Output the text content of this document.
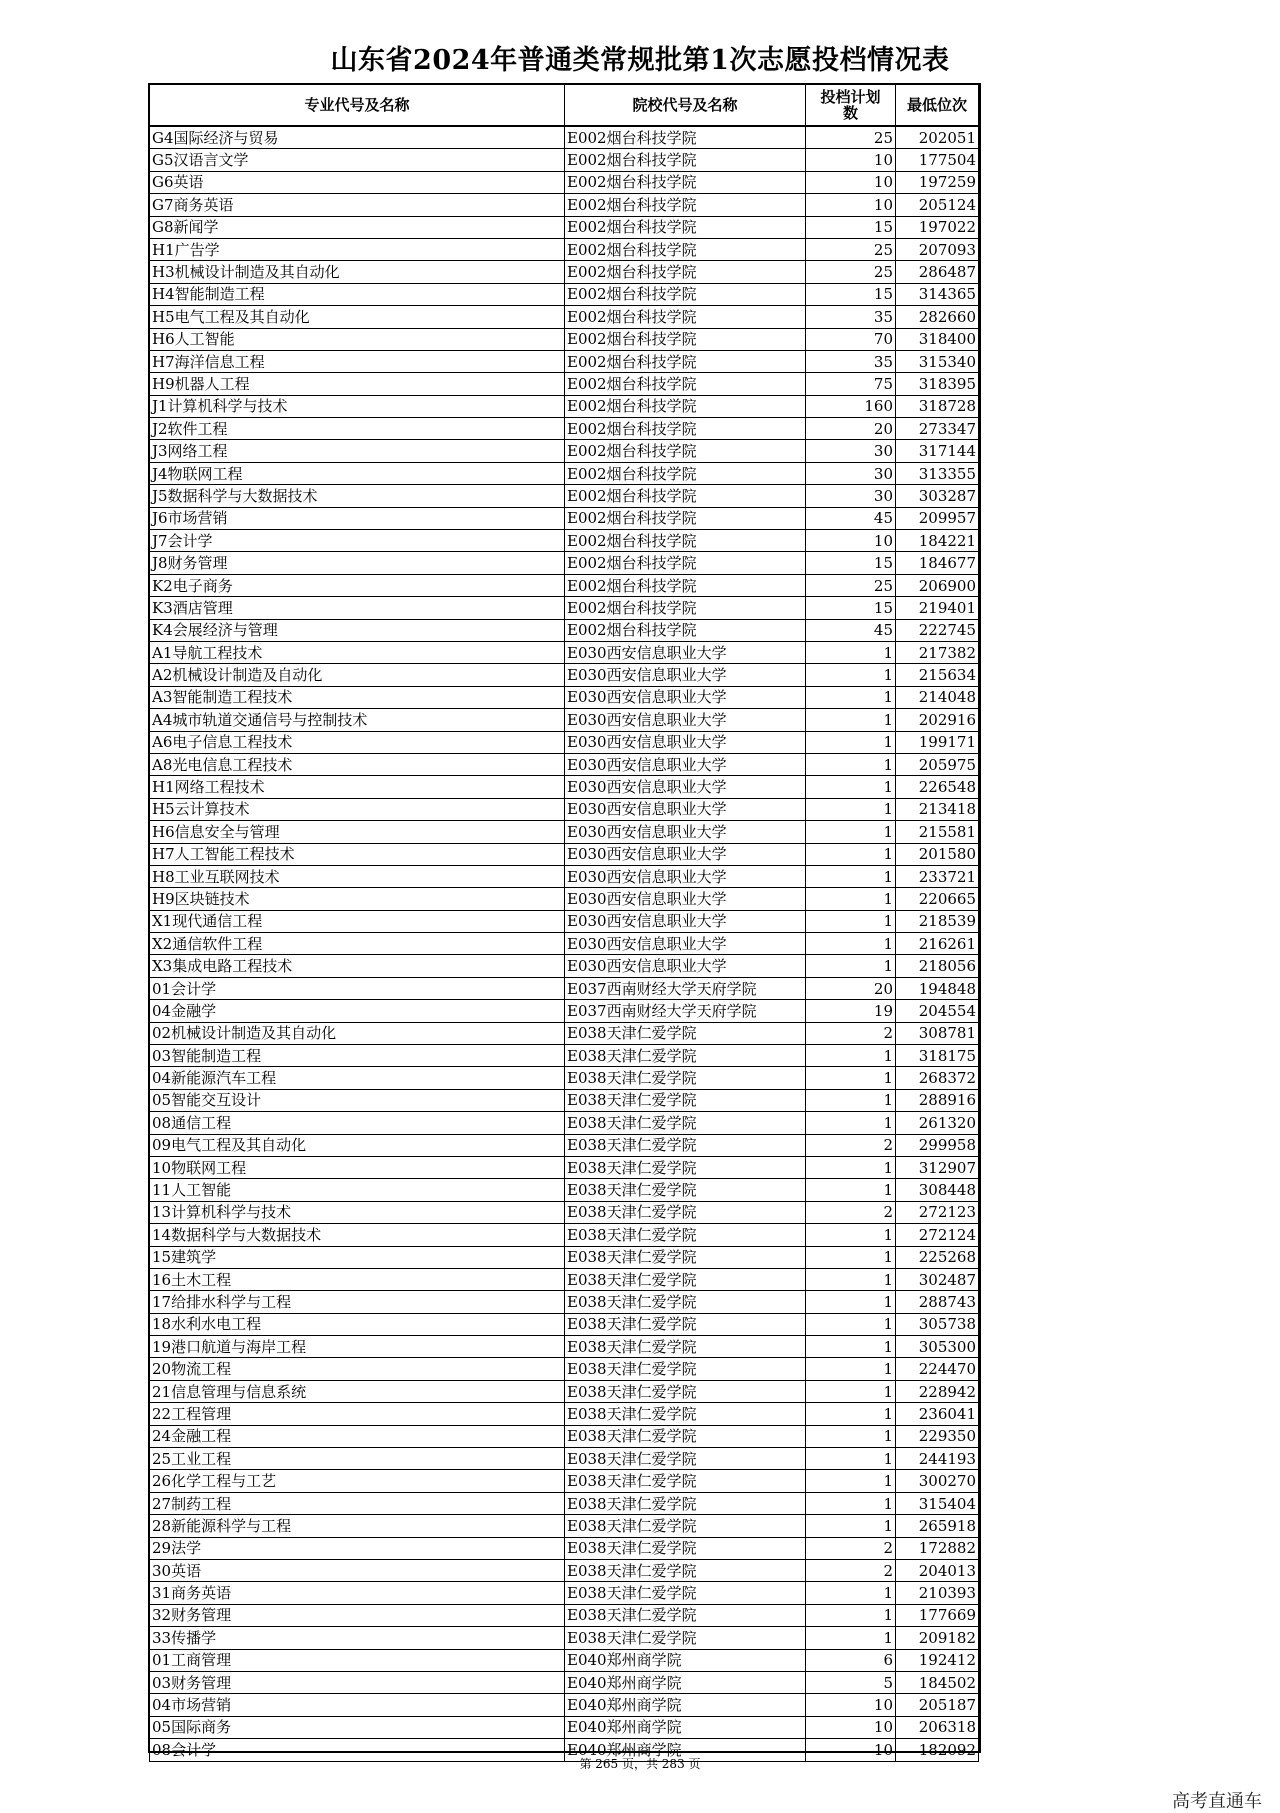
山东省2024年普通类常规批第1次志愿投档情况表
专业代号及名称	院校代号及名称	投档计划数	最低位次
G4国际经济与贸易	E002烟台科技学院	25	202051
G5汉语言文学	E002烟台科技学院	10	177504
G6英语	E002烟台科技学院	10	197259
G7商务英语	E002烟台科技学院	10	205124
G8新闻学	E002烟台科技学院	15	197022
H1广告学	E002烟台科技学院	25	207093
H3机械设计制造及其自动化	E002烟台科技学院	25	286487
H4智能制造工程	E002烟台科技学院	15	314365
H5电气工程及其自动化	E002烟台科技学院	35	282660
H6人工智能	E002烟台科技学院	70	318400
H7海洋信息工程	E002烟台科技学院	35	315340
H9机器人工程	E002烟台科技学院	75	318395
J1计算机科学与技术	E002烟台科技学院	160	318728
J2软件工程	E002烟台科技学院	20	273347
J3网络工程	E002烟台科技学院	30	317144
J4物联网工程	E002烟台科技学院	30	313355
J5数据科学与大数据技术	E002烟台科技学院	30	303287
J6市场营销	E002烟台科技学院	45	209957
J7会计学	E002烟台科技学院	10	184221
J8财务管理	E002烟台科技学院	15	184677
K2电子商务	E002烟台科技学院	25	206900
K3酒店管理	E002烟台科技学院	15	219401
K4会展经济与管理	E002烟台科技学院	45	222745
A1导航工程技术	E030西安信息职业大学	1	217382
A2机械设计制造及自动化	E030西安信息职业大学	1	215634
A3智能制造工程技术	E030西安信息职业大学	1	214048
A4城市轨道交通信号与控制技术	E030西安信息职业大学	1	202916
A6电子信息工程技术	E030西安信息职业大学	1	199171
A8光电信息工程技术	E030西安信息职业大学	1	205975
H1网络工程技术	E030西安信息职业大学	1	226548
H5云计算技术	E030西安信息职业大学	1	213418
H6信息安全与管理	E030西安信息职业大学	1	215581
H7人工智能工程技术	E030西安信息职业大学	1	201580
H8工业互联网技术	E030西安信息职业大学	1	233721
H9区块链技术	E030西安信息职业大学	1	220665
X1现代通信工程	E030西安信息职业大学	1	218539
X2通信软件工程	E030西安信息职业大学	1	216261
X3集成电路工程技术	E030西安信息职业大学	1	218056
01会计学	E037西南财经大学天府学院	20	194848
04金融学	E037西南财经大学天府学院	19	204554
02机械设计制造及其自动化	E038天津仁爱学院	2	308781
03智能制造工程	E038天津仁爱学院	1	318175
04新能源汽车工程	E038天津仁爱学院	1	268372
05智能交互设计	E038天津仁爱学院	1	288916
08通信工程	E038天津仁爱学院	1	261320
09电气工程及其自动化	E038天津仁爱学院	2	299958
10物联网工程	E038天津仁爱学院	1	312907
11人工智能	E038天津仁爱学院	1	308448
13计算机科学与技术	E038天津仁爱学院	2	272123
14数据科学与大数据技术	E038天津仁爱学院	1	272124
15建筑学	E038天津仁爱学院	1	225268
16土木工程	E038天津仁爱学院	1	302487
17给排水科学与工程	E038天津仁爱学院	1	288743
18水利水电工程	E038天津仁爱学院	1	305738
19港口航道与海岸工程	E038天津仁爱学院	1	305300
20物流工程	E038天津仁爱学院	1	224470
21信息管理与信息系统	E038天津仁爱学院	1	228942
22工程管理	E038天津仁爱学院	1	236041
24金融工程	E038天津仁爱学院	1	229350
25工业工程	E038天津仁爱学院	1	244193
26化学工程与工艺	E038天津仁爱学院	1	300270
27制药工程	E038天津仁爱学院	1	315404
28新能源科学与工程	E038天津仁爱学院	1	265918
29法学	E038天津仁爱学院	2	172882
30英语	E038天津仁爱学院	2	204013
31商务英语	E038天津仁爱学院	1	210393
32财务管理	E038天津仁爱学院	1	177669
33传播学	E038天津仁爱学院	1	209182
01工商管理	E040郑州商学院	6	192412
03财务管理	E040郑州商学院	5	184502
04市场营销	E040郑州商学院	10	205187
05国际商务	E040郑州商学院	10	206318
08会计学	E040郑州商学院	10	182092
第 265 页，共 283 页
高考直通车
